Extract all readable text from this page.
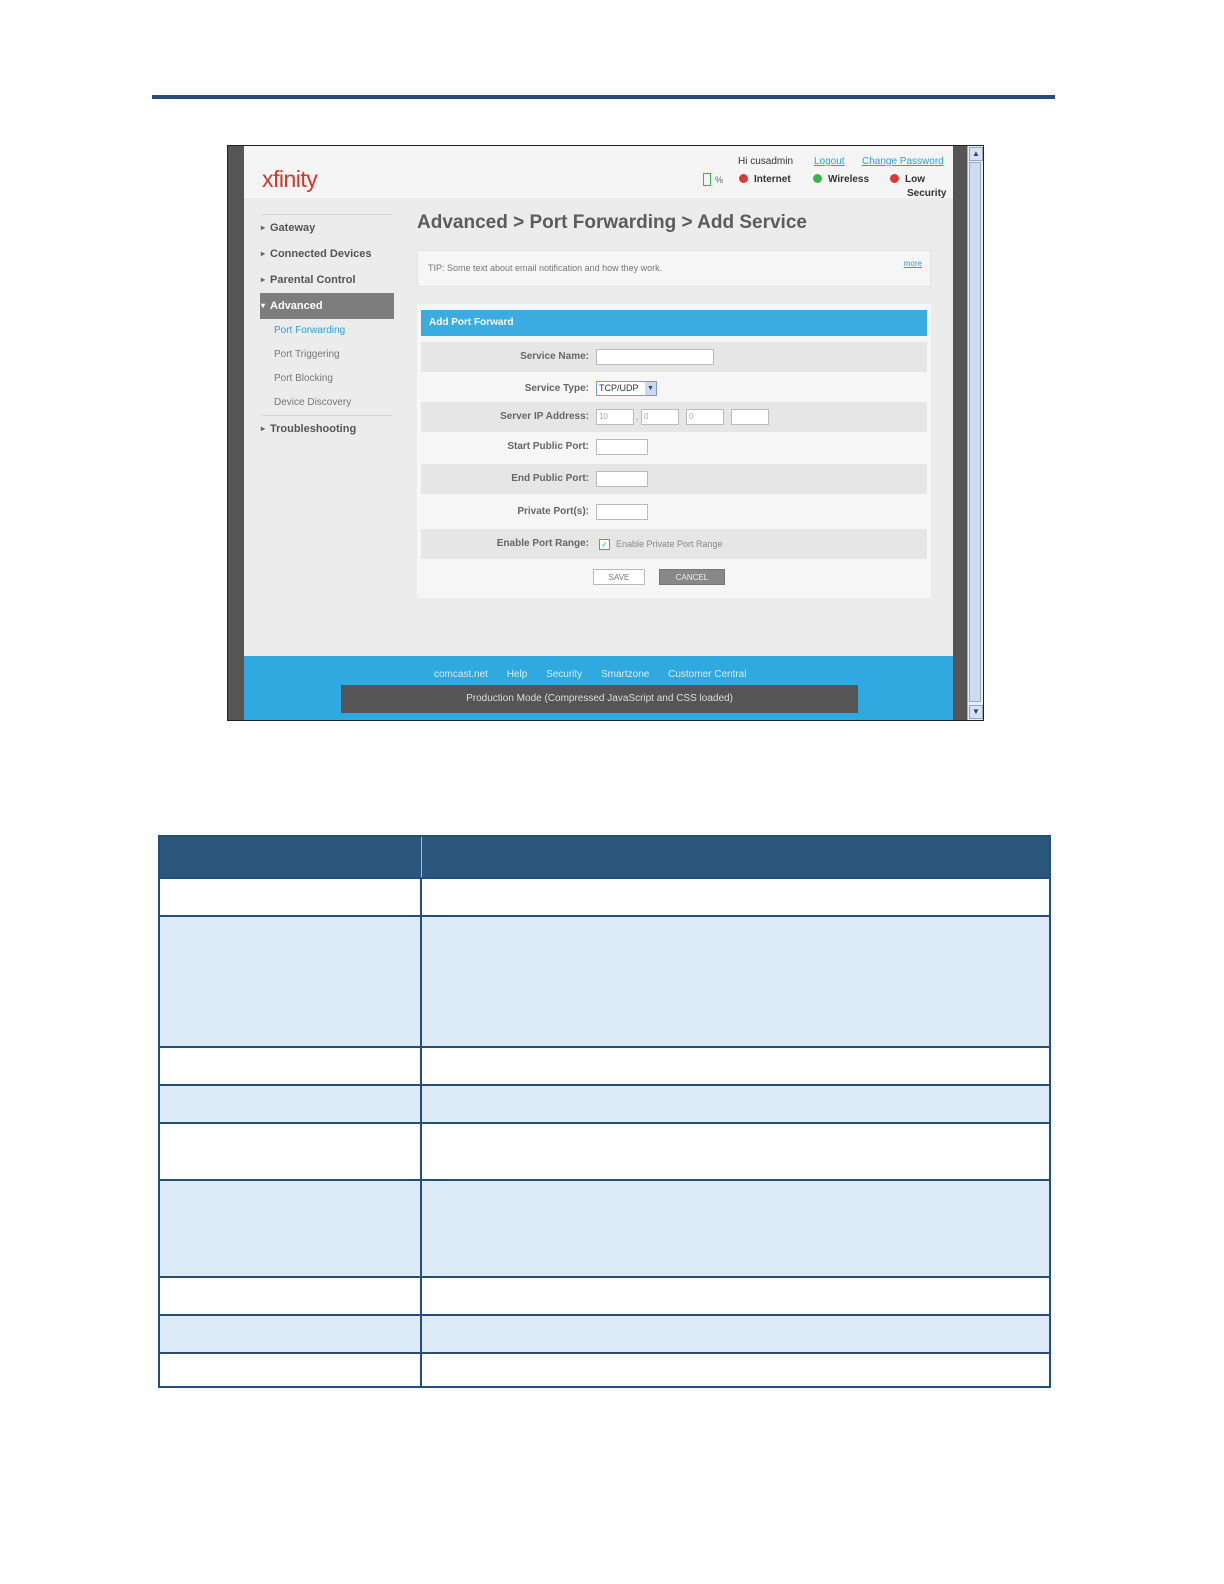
xfinity
Hi cusadmin Logout Change Password
%	Internet	Wireless	Low
Security
▸ Gateway
▸ Connected Devices
▸ Parental Control
▾ Advanced
Port Forwarding
Port Triggering
Port Blocking
Device Discovery
▸ Troubleshooting
Advanced > Port Forwarding > Add Service
TIP: Some text about email notification and how they work.	more
Add Port Forward
Service Name:
Service Type:	TCP/UDP ▼
Server IP Address:	10	. 0	0
Start Public Port:
End Public Port:
Private Port(s):
Enable Port Range: ✓ Enable Private Port Range
SAVE	CANCEL
comcast.net Help Security Smartzone Customer Central
Production Mode (Compressed JavaScript and CSS loaded)
▲
▼
